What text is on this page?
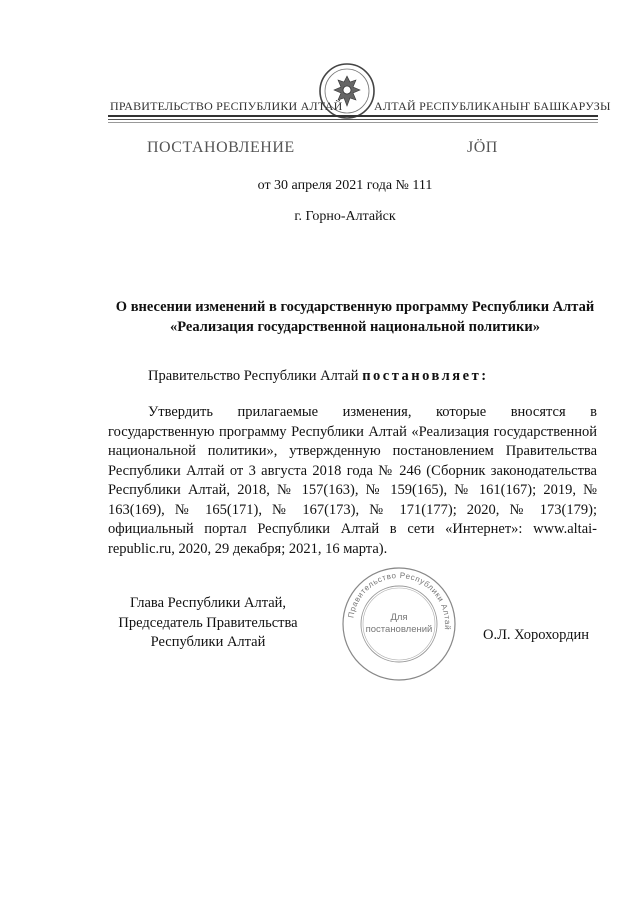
ПРАВИТЕЛЬСТВО РЕСПУБЛИКИ АЛТАЙ	АЛТАЙ РЕСПУБЛИКАНЫҤ БАШКАРУЗЫ
ПОСТАНОВЛЕНИЕ	JÖП
от 30 апреля 2021 года № 111
г. Горно-Алтайск
О внесении изменений в государственную программу Республики Алтай «Реализация государственной национальной политики»
Правительство Республики Алтай постановляет:
Утвердить прилагаемые изменения, которые вносятся в государственную программу Республики Алтай «Реализация государственной национальной политики», утвержденную постановлением Правительства Республики Алтай от 3 августа 2018 года № 246 (Сборник законодательства Республики Алтай, 2018, № 157(163), № 159(165), № 161(167); 2019, № 163(169), № 165(171), № 167(173), № 171(177); 2020, № 173(179); официальный портал Республики Алтай в сети «Интернет»: www.altai-republic.ru, 2020, 29 декабря; 2021, 16 марта).
Глава Республики Алтай,
Председатель Правительства
Республики Алтай
Правительство Республики Алтай
Для
постановлений	О.Л. Хорохордин
